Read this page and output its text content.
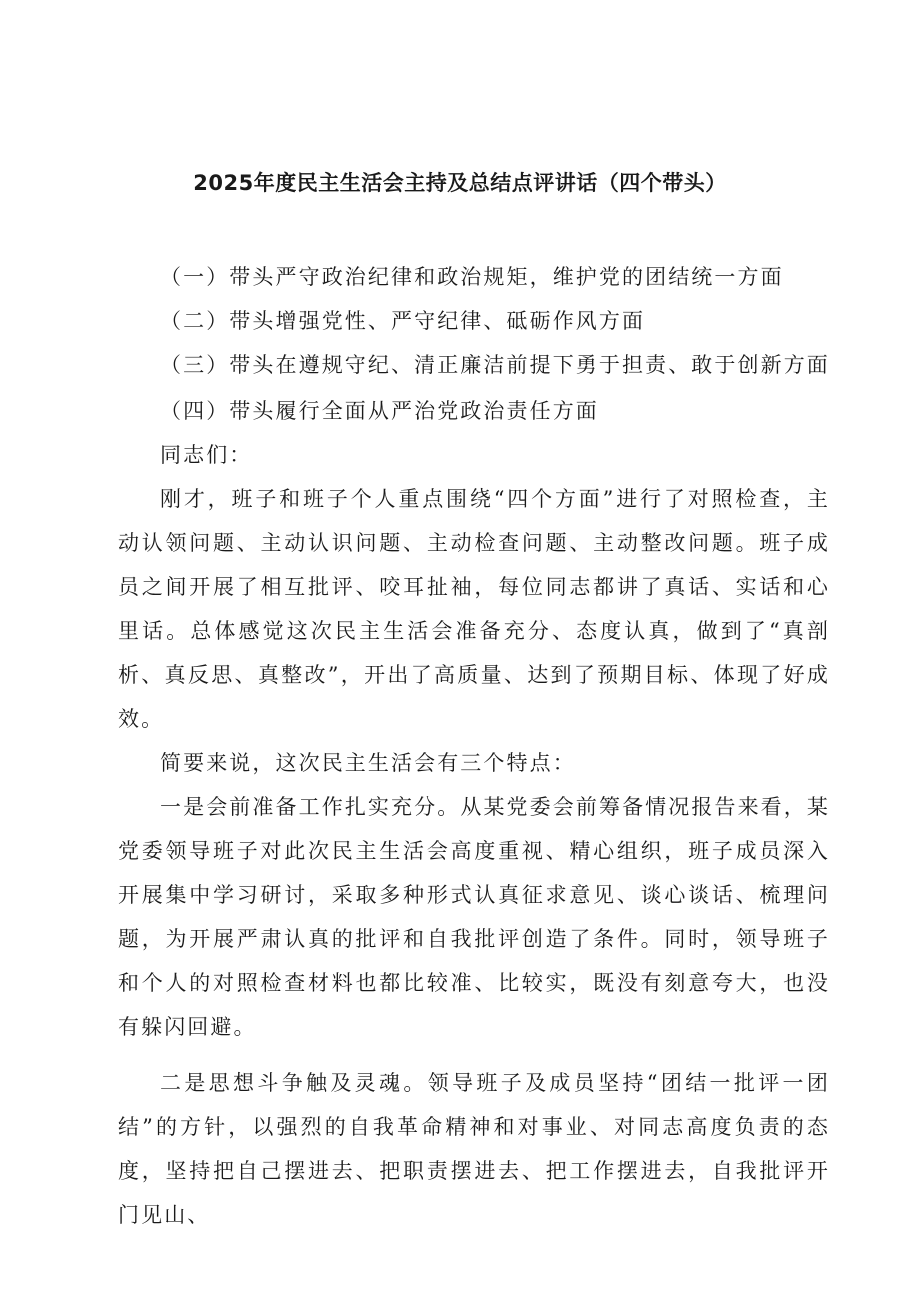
2025年度民主生活会主持及总结点评讲话（四个带头）

（一）带头严守政治纪律和政治规矩，维护党的团结统一方面

（二）带头增强党性、严守纪律、砥砺作风方面

（三）带头在遵规守纪、清正廉洁前提下勇于担责、敢于创新方面

（四）带头履行全面从严治党政治责任方面

同志们：

刚才，班子和班子个人重点围绕“四个方面”进行了对照检查，主动认领问题、主动认识问题、主动检查问题、主动整改问题。班子成员之间开展了相互批评、咬耳扯袖，每位同志都讲了真话、实话和心里话。总体感觉这次民主生活会准备充分、态度认真，做到了“真剖析、真反思、真整改”，开出了高质量、达到了预期目标、体现了好成效。

简要来说，这次民主生活会有三个特点：

一是会前准备工作扎实充分。从某党委会前筹备情况报告来看，某党委领导班子对此次民主生活会高度重视、精心组织，班子成员深入开展集中学习研讨，采取多种形式认真征求意见、谈心谈话、梳理问题，为开展严肃认真的批评和自我批评创造了条件。同时，领导班子和个人的对照检查材料也都比较准、比较实，既没有刻意夸大，也没有躲闪回避。

二是思想斗争触及灵魂。领导班子及成员坚持“团结一批评一团结”的方针，以强烈的自我革命精神和对事业、对同志高度负责的态度，坚持把自己摆进去、把职责摆进去、把工作摆进去，自我批评开门见山、
